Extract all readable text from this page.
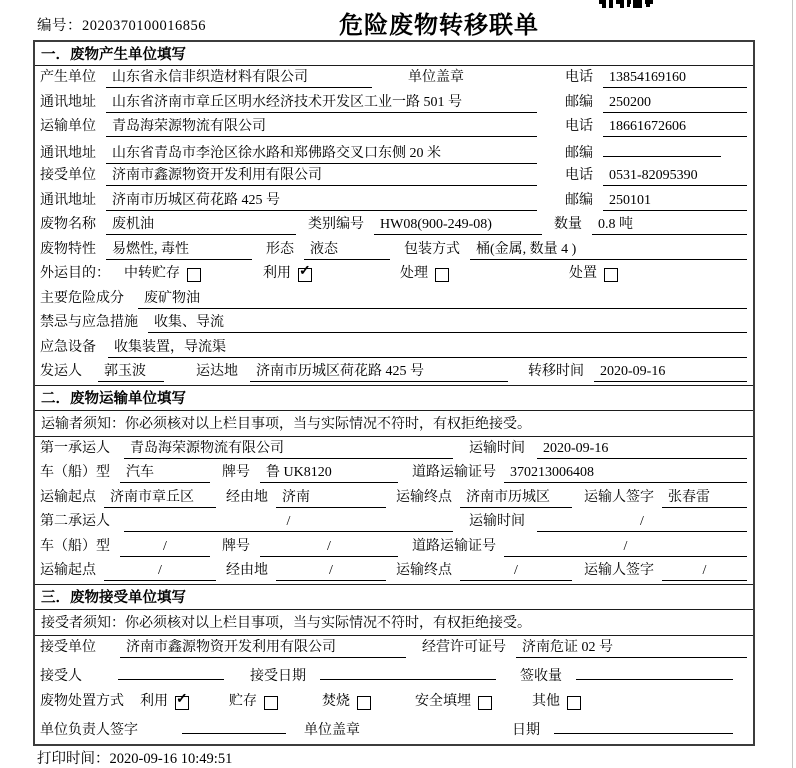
编号：2020370100016856	危险废物转移联单
一．废物产生单位填写
产生单位	山东省永信非织造材料有限公司	单位盖章	电话	13854169160
通讯地址	山东省济南市章丘区明水经济技术开发区工业一路 501 号	邮编	250200
运输单位	青岛海荣源物流有限公司	电话	18661672606
通讯地址	山东省青岛市李沧区徐水路和郑佛路交叉口东侧 20 米	邮编
接受单位	济南市鑫源物资开发利用有限公司	电话	0531-82095390
通讯地址	济南市历城区荷花路 425 号	邮编	250101
废物名称	废机油	类别编号	HW08(900-249-08)	数量	0.8 吨
废物特性	易燃性, 毒性	形态	液态	包装方式	桶(金属, 数量 4 )
外运目的： 中转贮存	利用 ✓	处理	处置
主要危险成分	废矿物油
禁忌与应急措施	收集、导流
应急设备	收集装置，导流渠
发运人	郭玉波	运达地	济南市历城区荷花路 425 号	转移时间	2020-09-16
二．废物运输单位填写
运输者须知：你必须核对以上栏目事项，当与实际情况不符时，有权拒绝接受。
第一承运人	青岛海荣源物流有限公司	运输时间	2020-09-16
车（船）型	汽车	牌号	鲁 UK8120	道路运输证号	370213006408
运输起点	济南市章丘区	经由地	济南	运输终点	济南市历城区	运输人签字	张春雷
第二承运人	/	运输时间	/
车（船）型	/	牌号	/	道路运输证号	/
运输起点	/	经由地	/	运输终点	/	运输人签字	/
三．废物接受单位填写
接受者须知：你必须核对以上栏目事项，当与实际情况不符时，有权拒绝接受。
接受单位	济南市鑫源物资开发利用有限公司	经营许可证号	济南危证 02 号
接受人	接受日期	签收量
废物处置方式 利用 ✓	贮存	焚烧	安全填埋	其他
单位负责人签字	单位盖章	日期
打印时间：2020-09-16 10:49:51
